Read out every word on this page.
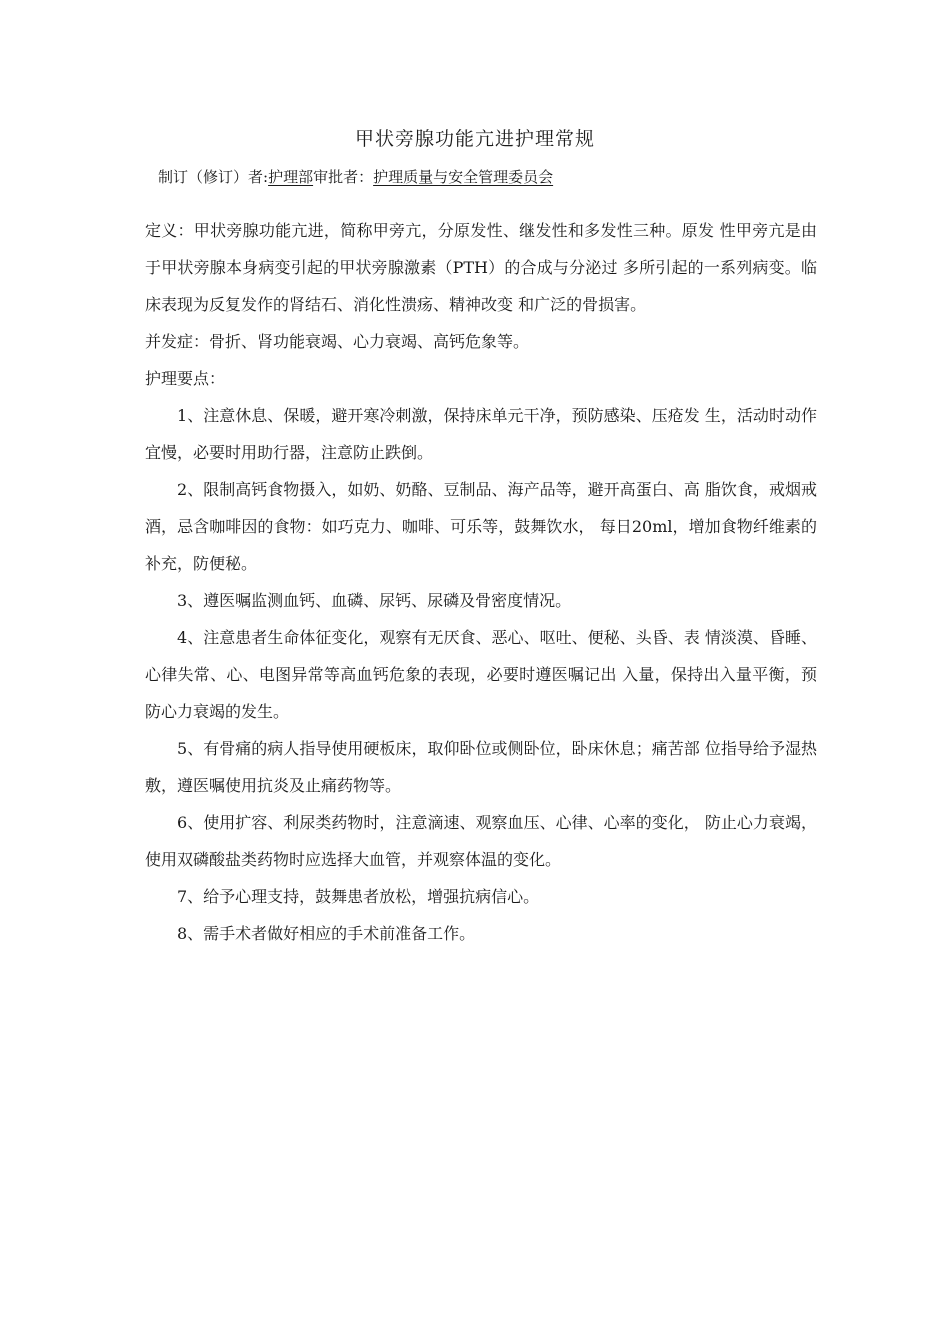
甲状旁腺功能亢进护理常规
制订（修订）者:护理部审批者：护理质量与安全管理委员会

定义：甲状旁腺功能亢进，简称甲旁亢，分原发性、继发性和多发性三种。原发 性甲旁亢是由于甲状旁腺本身病变引起的甲状旁腺激素（PTH）的合成与分泌过 多所引起的一系列病变。临床表现为反复发作的肾结石、消化性溃疡、精神改变 和广泛的骨损害。

并发症：骨折、肾功能衰竭、心力衰竭、高钙危象等。

护理要点：

1、注意休息、保暖，避开寒冷刺激，保持床单元干净，预防感染、压疮发 生，活动时动作宜慢，必要时用助行器，注意防止跌倒。

2、限制高钙食物摄入，如奶、奶酪、豆制品、海产品等，避开高蛋白、高 脂饮食，戒烟戒酒，忌含咖啡因的食物：如巧克力、咖啡、可乐等，鼓舞饮水， 每日20ml，增加食物纤维素的补充，防便秘。

3、遵医嘱监测血钙、血磷、尿钙、尿磷及骨密度情况。

4、注意患者生命体征变化，观察有无厌食、恶心、呕吐、便秘、头昏、表 情淡漠、昏睡、心律失常、心、电图异常等高血钙危象的表现，必要时遵医嘱记出 入量，保持出入量平衡，预防心力衰竭的发生。

5、有骨痛的病人指导使用硬板床，取仰卧位或侧卧位，卧床休息；痛苦部 位指导给予湿热敷，遵医嘱使用抗炎及止痛药物等。

6、使用扩容、利尿类药物时，注意滴速、观察血压、心律、心率的变化， 防止心力衰竭，使用双磷酸盐类药物时应选择大血管，并观察体温的变化。

7、给予心理支持，鼓舞患者放松，增强抗病信心。

8、需手术者做好相应的手术前准备工作。
